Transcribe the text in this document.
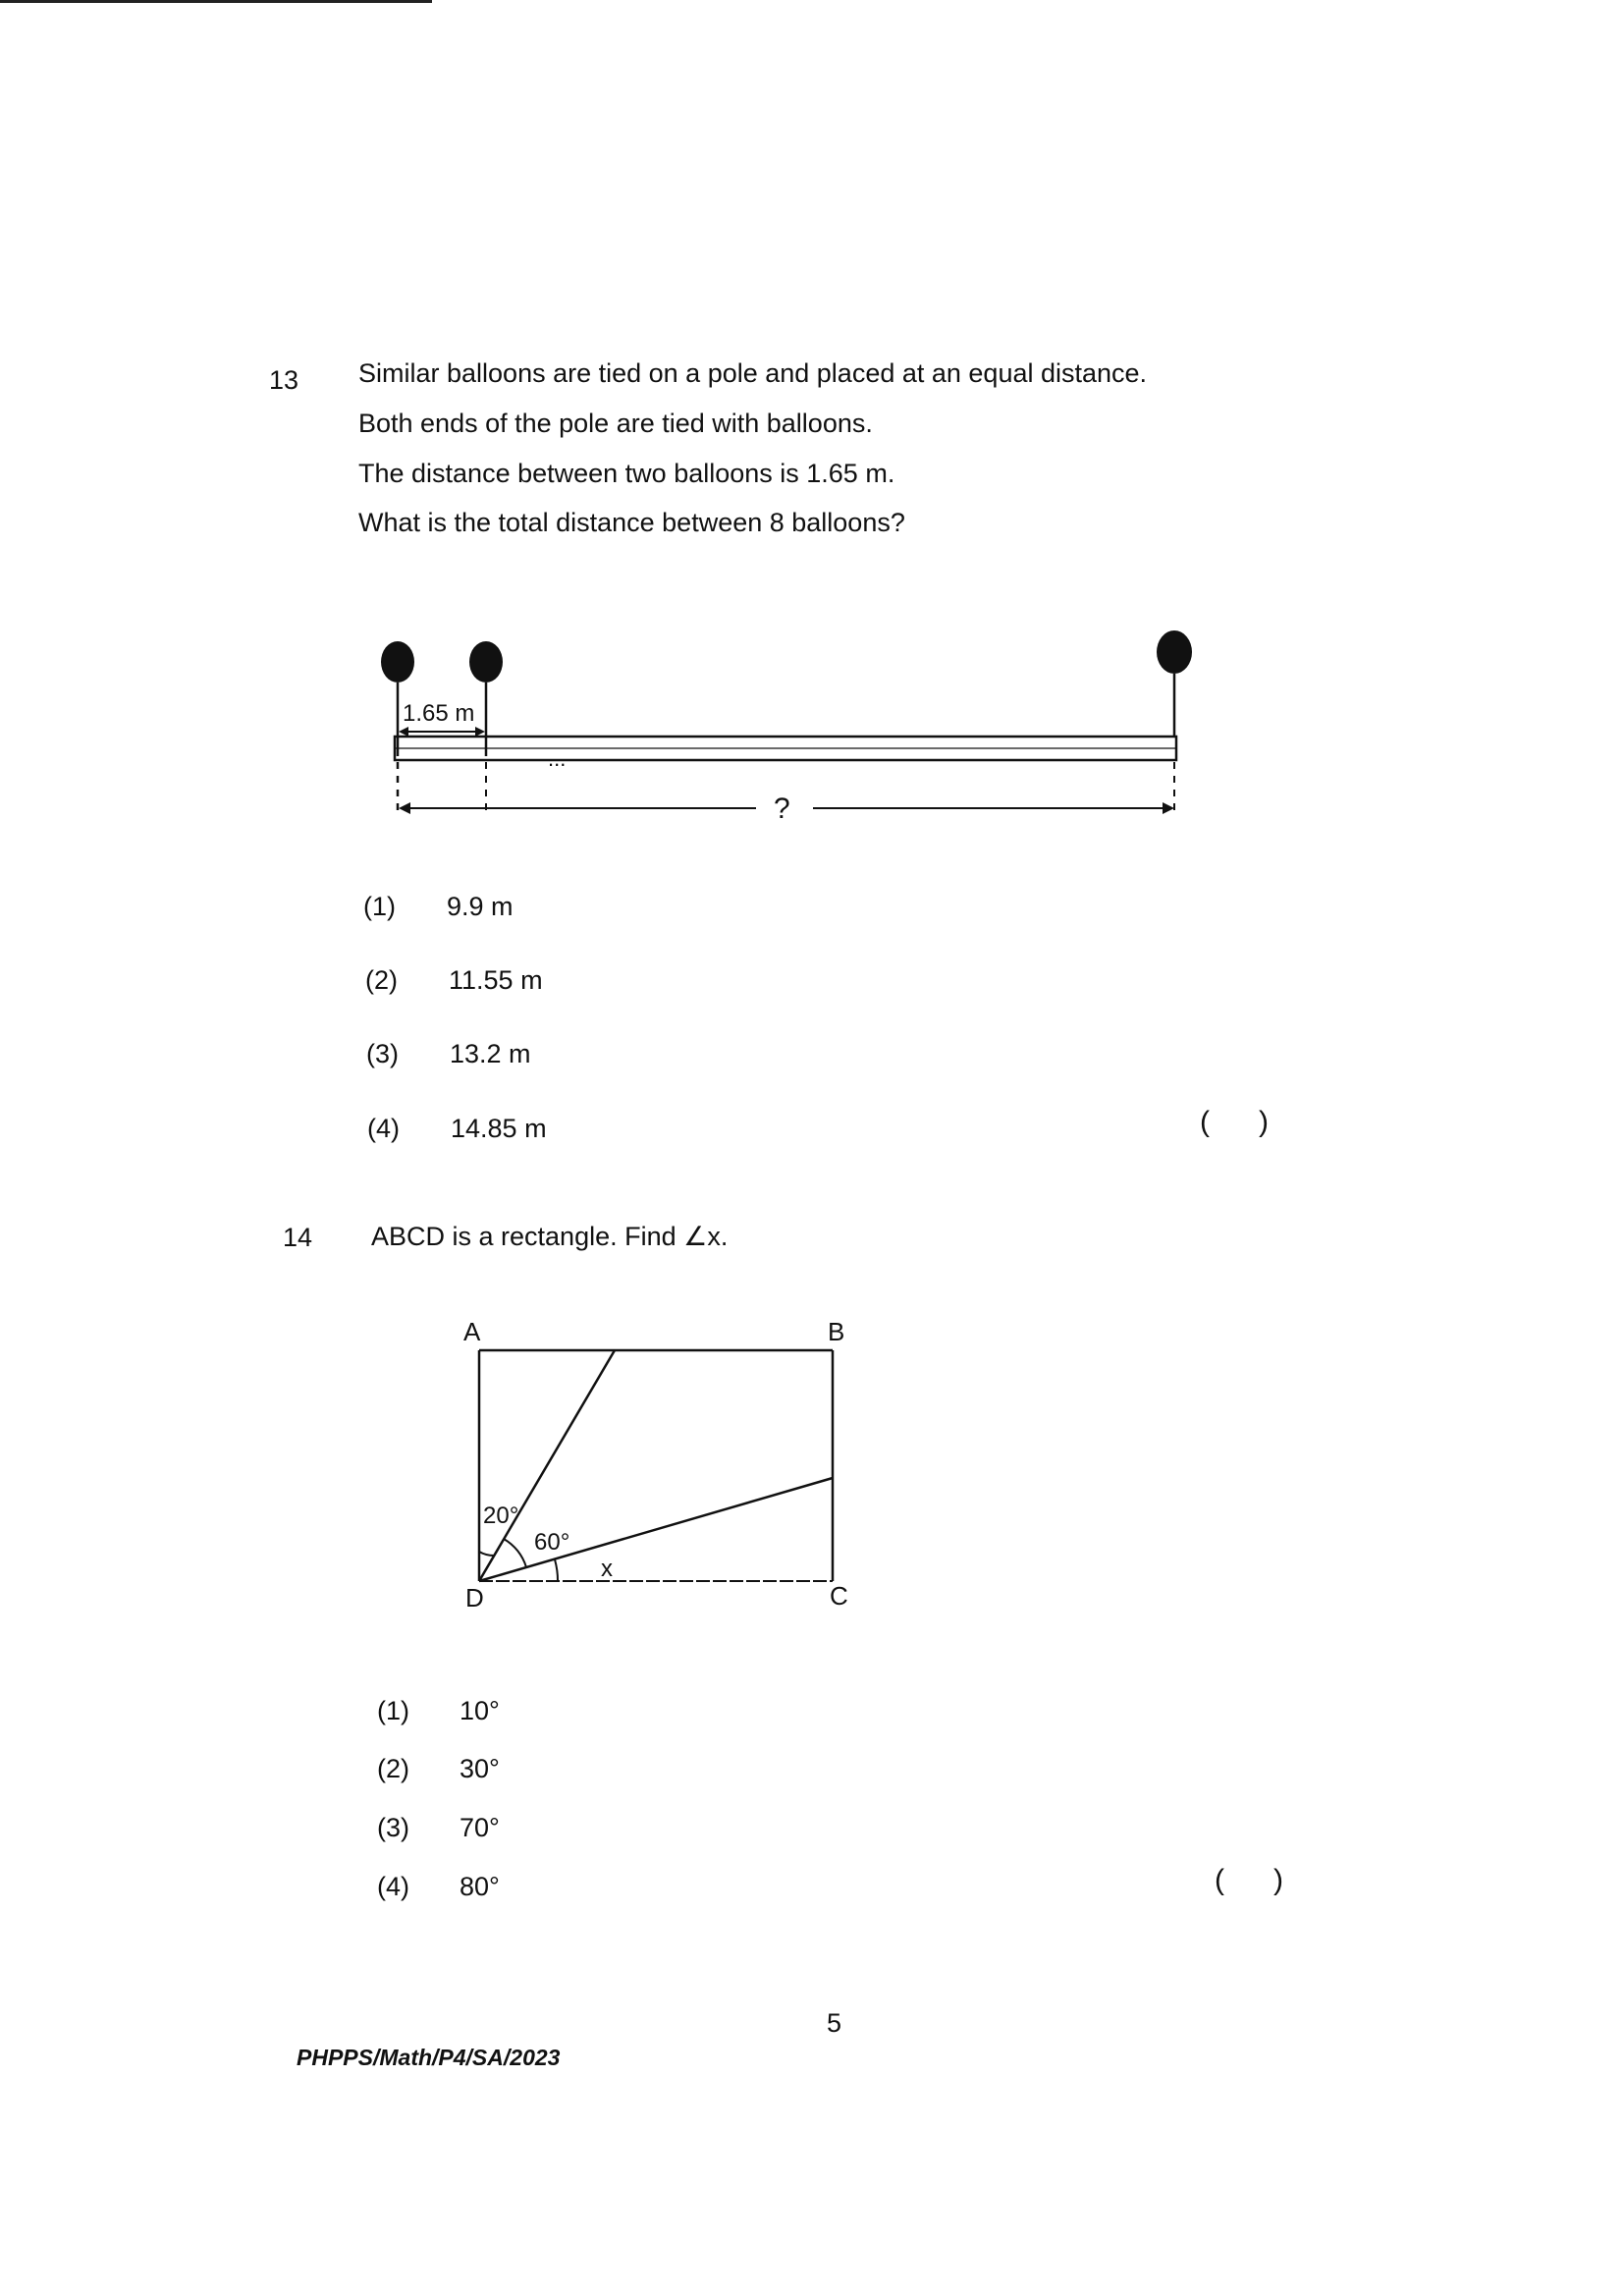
13 Similar balloons are tied on a pole and placed at an equal distance.
Both ends of the pole are tied with balloons.
The distance between two balloons is 1.65 m.
What is the total distance between 8 balloons?
1.65 m
...
?
(1) 9.9 m
(2) 11.55 m
(3) 13.2 m
(4) 14.85 m	(      )
14 ABCD is a rectangle. Find ∠x.
A	B
C
D
20°
60°
x
(1) 10°
(2) 30°
(3) 70°
(4) 80°	(      )
5
PHPPS/Math/P4/SA/2023
